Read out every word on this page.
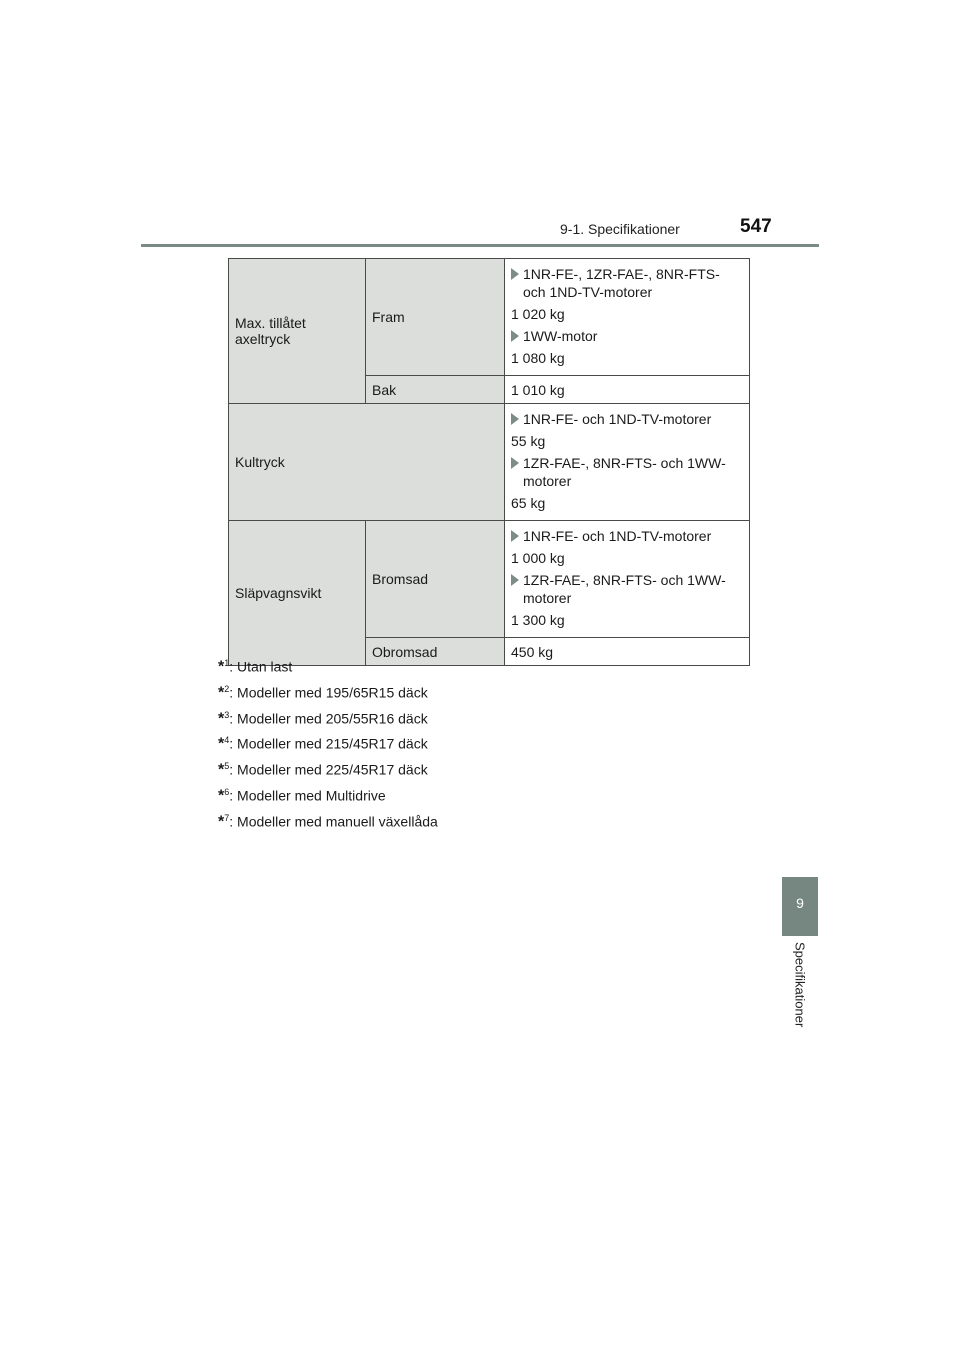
9-1. Specifikationer	547
9
Specifikationer
Max. tillåtet axeltryck	Fram	1NR-FE-, 1ZR-FAE-, 8NR-FTS- och 1ND-TV-motorer
1 020 kg
1WW-motor
1 080 kg

	Bak	1 010 kg
Kultryck		1NR-FE- och 1ND-TV-motorer
55 kg
1ZR-FAE-, 8NR-FTS- och 1WW-motorer
65 kg

Släpvagnsvikt	Bromsad	1NR-FE- och 1ND-TV-motorer
1 000 kg
1ZR-FAE-, 8NR-FTS- och 1WW-motorer
1 300 kg

	Obromsad	450 kg
*$^1$: Utan last
*$^2$: Modeller med 195/65R15 däck
*$^3$: Modeller med 205/55R16 däck
*$^4$: Modeller med 215/45R17 däck
*$^5$: Modeller med 225/45R17 däck
*$^6$: Modeller med Multidrive
*$^7$: Modeller med manuell växellåda
